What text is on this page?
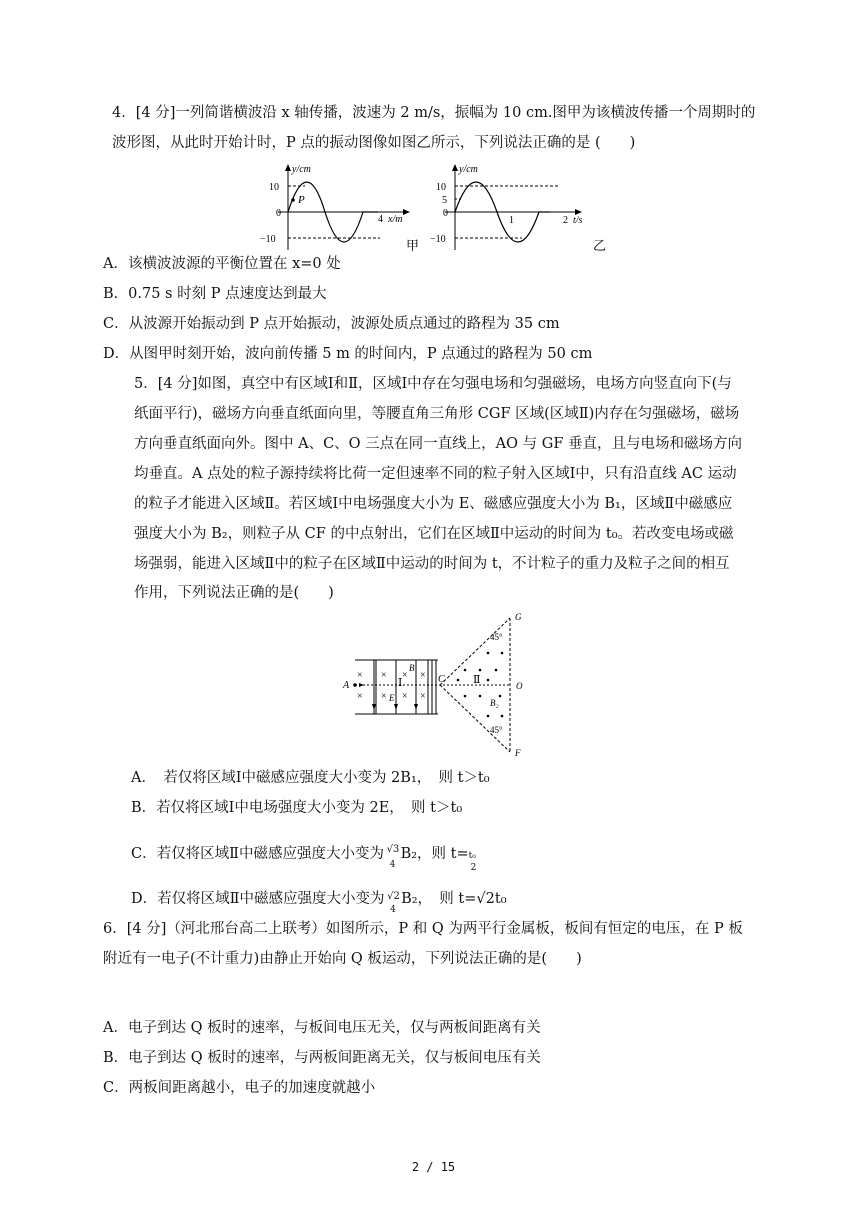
4．[4 分]一列简谐横波沿 x 轴传播，波速为 2 m/s，振幅为 10 cm.图甲为该横波传播一个周期时的
波形图，从此时开始计时，P 点的振动图像如图乙所示，下列说法正确的是 (　　)
y/cm
10
0
−10
P
4 x/m
甲
y/cm
10
5
0
−10
1	2 t/s
乙
A．该横波波源的平衡位置在 x=0 处
B．0.75 s 时刻 P 点速度达到最大
C．从波源开始振动到 P 点开始振动，波源处质点通过的路程为 35 cm
D．从图甲时刻开始，波向前传播 5 m 的时间内，P 点通过的路程为 50 cm
5．[4 分]如图，真空中有区域Ⅰ和Ⅱ，区域Ⅰ中存在匀强电场和匀强磁场，电场方向竖直向下(与
纸面平行)，磁场方向垂直纸面向里，等腰直角三角形 CGF 区域(区域Ⅱ)内存在匀强磁场，磁场
方向垂直纸面向外。图中 A、C、O 三点在同一直线上，AO 与 GF 垂直，且与电场和磁场方向
均垂直。A 点处的粒子源持续将比荷一定但速率不同的粒子射入区域Ⅰ中，只有沿直线 AC 运动
的粒子才能进入区域Ⅱ。若区域Ⅰ中电场强度大小为 E、磁感应强度大小为 B₁，区域Ⅱ中磁感应
强度大小为 B₂，则粒子从 CF 的中点射出，它们在区域Ⅱ中运动的时间为 t₀。若改变电场或磁
场强弱，能进入区域Ⅱ中的粒子在区域Ⅱ中运动的时间为 t，不计粒子的重力及粒子之间的相互
作用，下列说法正确的是(　　)
× × × ×
× × × ×
A	Ⅰ
B
E
C	Ⅱ
B₂
45°
45°
G
O
F
A．　若仅将区域Ⅰ中磁感应强度大小变为 2B₁，　则 t＞t₀
B．若仅将区域Ⅰ中电场强度大小变为 2E，　则 t＞t₀
C．若仅将区域Ⅱ中磁感应强度大小变为 √3
4
B₂，则 t= t₀
2
D．若仅将区域Ⅱ中磁感应强度大小变为 √2
4
B₂，　则 t=√2t₀
6．[4 分]（河北邢台高二上联考）如图所示，P 和 Q 为两平行金属板，板间有恒定的电压，在 P 板
附近有一电子(不计重力)由静止开始向 Q 板运动，下列说法正确的是(　　)
A．电子到达 Q 板时的速率，与板间电压无关，仅与两板间距离有关
B．电子到达 Q 板时的速率，与两板间距离无关，仅与板间电压有关
C．两板间距离越小，电子的加速度就越小
2 / 15
